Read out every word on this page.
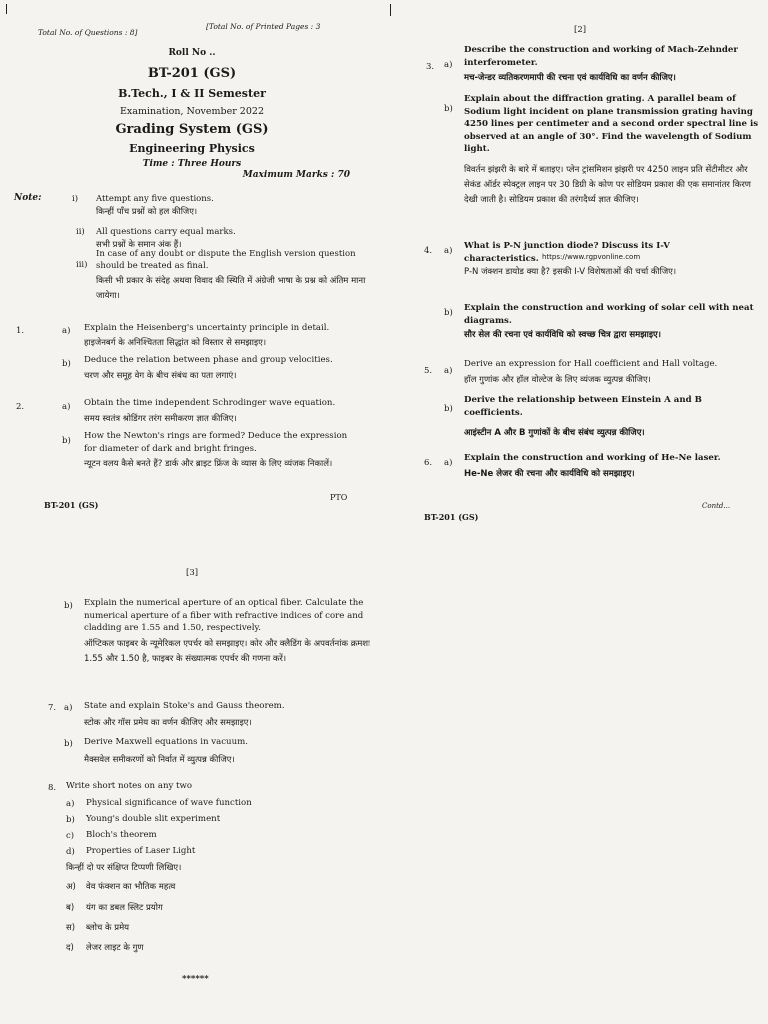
Total No. of Questions : 8]
[Total No. of Printed Pages : 3
Roll No ..
BT-201 (GS)
B.Tech., I & II Semester
Examination, November 2022
Grading System (GS)
Engineering Physics
Time : Three Hours
Maximum Marks : 70
Note:	i) Attempt any five questions.
किन्हीं पाँच प्रश्नों को हल कीजिए।
ii) All questions carry equal marks.
सभी प्रश्नों के समान अंक हैं।
iii)
In case of any doubt or dispute the English version question should be treated as final.
किसी भी प्रकार के संदेह अथवा विवाद की स्थिति में अंग्रेजी भाषा के प्रश्न को अंतिम माना जायेगा।
1.	a) Explain the Heisenberg's uncertainty principle in detail.
हाइजेनबर्ग के अनिश्चितता सिद्धांत को विस्तार से समझाइए।
b) Deduce the relation between phase and group velocities.
चरण और समूह वेग के बीच संबंध का पता लगाएं।
2.	a) Obtain the time independent Schrodinger wave equation.
समय स्वतंत्र श्रोडिंगर तरंग समीकरण ज्ञात कीजिए।
b) How the Newton's rings are formed? Deduce the expression for diameter of dark and bright fringes.
न्यूटन वलय कैसे बनते हैं? डार्क और ब्राइट फ्रिंज के व्यास के लिए व्यंजक निकालें।
BT-201 (GS)
PTO
[2]
3. a)
Describe the construction and working of Mach-Zehnder interferometer.
मच-जेन्डर व्यतिकरणमापी की रचना एवं कार्यविधि का वर्णन कीजिए।
b)
Explain about the diffraction grating. A parallel beam of Sodium light incident on plane transmission grating having 4250 lines per centimeter and a second order spectral line is observed at an angle of 30°. Find the wavelength of Sodium light.
विवर्तन झंझरी के बारे में बताइए। प्लेन ट्रांसमिशन झंझरी पर 4250 लाइन प्रति सेंटीमीटर और सेकंड ऑर्डर स्पेक्ट्रल लाइन पर 30 डिग्री के कोण पर सोडियम प्रकाश की एक समानांतर किरण देखी जाती है। सोडियम प्रकाश की तरंगदैर्ध्य ज्ञात कीजिए।
4. a) What is P-N junction diode? Discuss its I-V characteristics. https://www.rgpvonline.com
P-N जंक्शन डायोड क्या है? इसकी I-V विशेषताओं की चर्चा कीजिए।
b) Explain the construction and working of solar cell with neat diagrams.
सौर सेल की रचना एवं कार्यविधि को स्वच्छ चित्र द्वारा समझाइए।
5. a)
Derive an expression for Hall coefficient and Hall voltage.
हॉल गुणांक और हॉल वोल्टेज के लिए व्यंजक व्युत्पन्न कीजिए।
b)
Derive the relationship between Einstein A and B coefficients.
आइंस्टीन A और B गुणांकों के बीच संबंध व्युत्पन्न कीजिए।
6. a) Explain the construction and working of He-Ne laser.
He-Ne लेजर की रचना और कार्यविधि को समझाइए।
BT-201 (GS)
Contd...
[3]
b) Explain the numerical aperture of an optical fiber. Calculate the numerical aperture of a fiber with refractive indices of core and cladding are 1.55 and 1.50, respectively.
ऑप्टिकल फाइबर के न्यूमेरिकल एपर्चर को समझाइए। कोर और क्लैडिंग के अपवर्तनांक क्रमशः 1.55 और 1.50 है, फाइबर के संख्यात्मक एपर्चर की गणना करें।
7. a) State and explain Stoke's and Gauss theorem.
स्टोक और गॉस प्रमेय का वर्णन कीजिए और समझाइए।
b) Derive Maxwell equations in vacuum.
मैक्सवेल समीकरणों को निर्वात में व्युत्पन्न कीजिए।
8. Write short notes on any two
a) Physical significance of wave function
b) Young's double slit experiment
c) Bloch's theorem
d) Properties of Laser Light
किन्हीं दो पर संक्षिप्त टिप्पणी लिखिए।
अ) वेव फंक्शन का भौतिक महत्व
ब) यंग का डबल स्लिट प्रयोग
स) ब्लोच के प्रमेय
द) लेजर लाइट के गुण
******
